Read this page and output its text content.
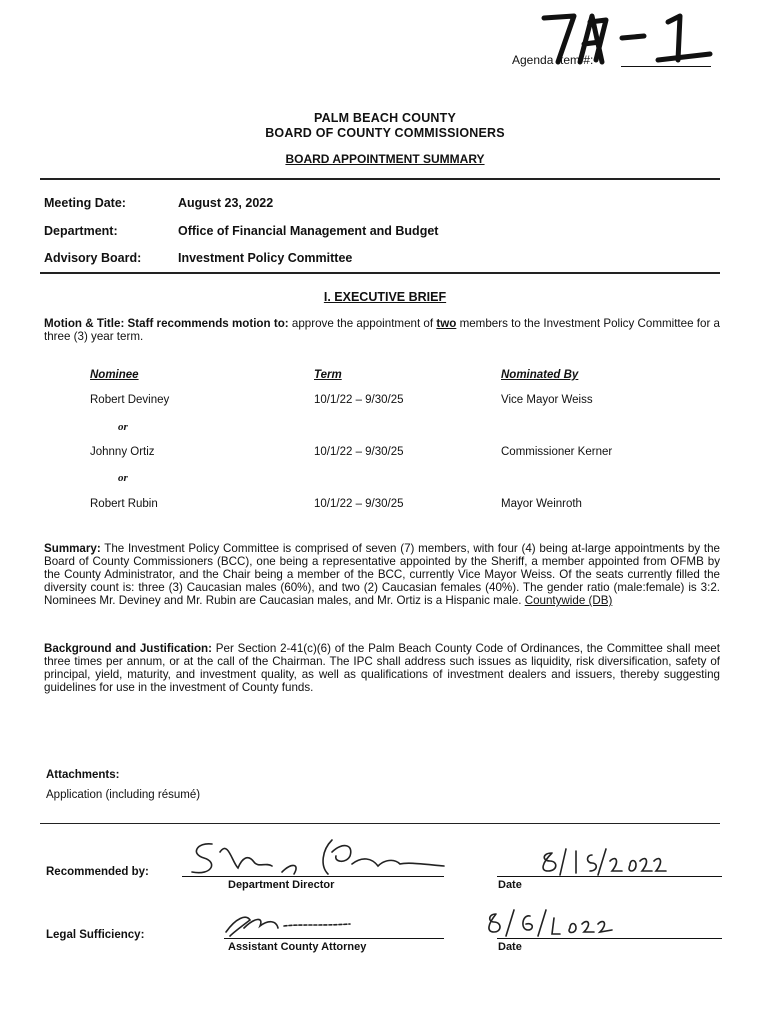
Agenda Item #:
PALM BEACH COUNTY
BOARD OF COUNTY COMMISSIONERS
BOARD APPOINTMENT SUMMARY
Meeting Date:	August 23, 2022
Department:	Office of Financial Management and Budget
Advisory Board:	Investment Policy Committee
I. EXECUTIVE BRIEF
Motion & Title: Staff recommends motion to: approve the appointment of two members to the Investment Policy Committee for a three (3) year term.
Nominee	Term	Nominated By
Robert Deviney	10/1/22 – 9/30/25	Vice Mayor Weiss
or
Johnny Ortiz	10/1/22 – 9/30/25	Commissioner Kerner
or
Robert Rubin	10/1/22 – 9/30/25	Mayor Weinroth
Summary: The Investment Policy Committee is comprised of seven (7) members, with four (4) being at-large appointments by the Board of County Commissioners (BCC), one being a representative appointed by the Sheriff, a member appointed from OFMB by the County Administrator, and the Chair being a member of the BCC, currently Vice Mayor Weiss. Of the seats currently filled the diversity count is: three (3) Caucasian males (60%), and two (2) Caucasian females (40%). The gender ratio (male:female) is 3:2. Nominees Mr. Deviney and Mr. Rubin are Caucasian males, and Mr. Ortiz is a Hispanic male. Countywide (DB)
Background and Justification: Per Section 2-41(c)(6) of the Palm Beach County Code of Ordinances, the Committee shall meet three times per annum, or at the call of the Chairman. The IPC shall address such issues as liquidity, risk diversification, safety of principal, yield, maturity, and investment quality, as well as qualifications of investment dealers and issuers, thereby suggesting guidelines for use in the investment of County funds.
Attachments:
Application (including résumé)
Recommended by:
Department Director	Date
Legal Sufficiency:
Assistant County Attorney	Date
